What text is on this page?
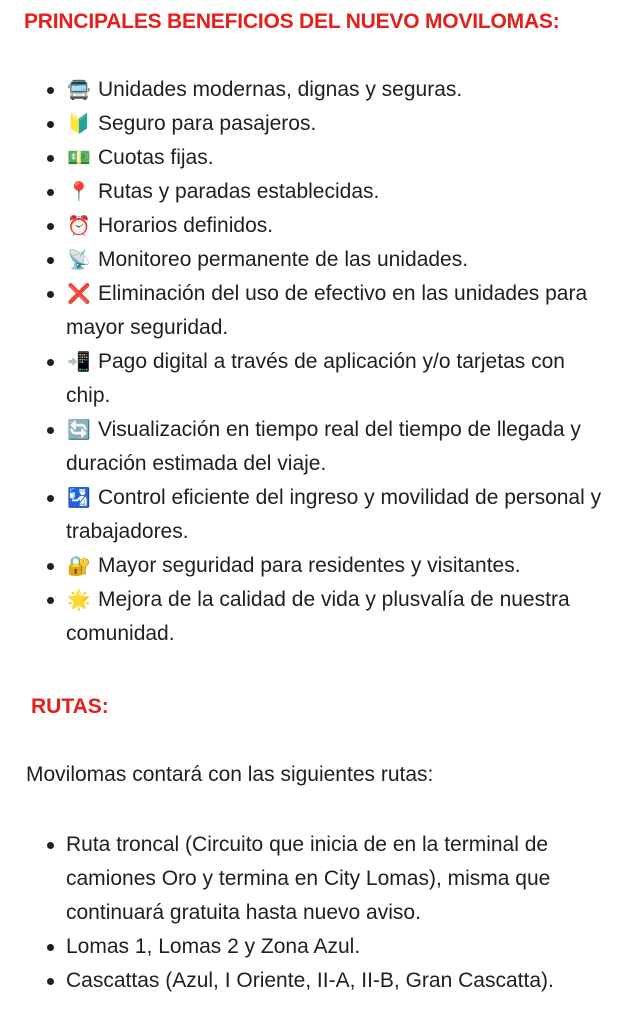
PRINCIPALES BENEFICIOS DEL NUEVO MOVILOMAS:
🚍 Unidades modernas, dignas y seguras.
🔰 Seguro para pasajeros.
💵 Cuotas fijas.
📍 Rutas y paradas establecidas.
⏰ Horarios definidos.
📡 Monitoreo permanente de las unidades.
❌ Eliminación del uso de efectivo en las unidades para mayor seguridad.
📲 Pago digital a través de aplicación y/o tarjetas con chip.
🔄 Visualización en tiempo real del tiempo de llegada y duración estimada del viaje.
🛂 Control eficiente del ingreso y movilidad de personal y trabajadores.
🔐 Mayor seguridad para residentes y visitantes.
🌟 Mejora de la calidad de vida y plusvalía de nuestra comunidad.
RUTAS:

Movilomas contará con las siguientes rutas:

Ruta troncal (Circuito que inicia de en la terminal de camiones Oro y termina en City Lomas), misma que continuará gratuita hasta nuevo aviso.
Lomas 1, Lomas 2 y Zona Azul.
Cascattas (Azul, I Oriente, II-A, II-B, Gran Cascatta).
